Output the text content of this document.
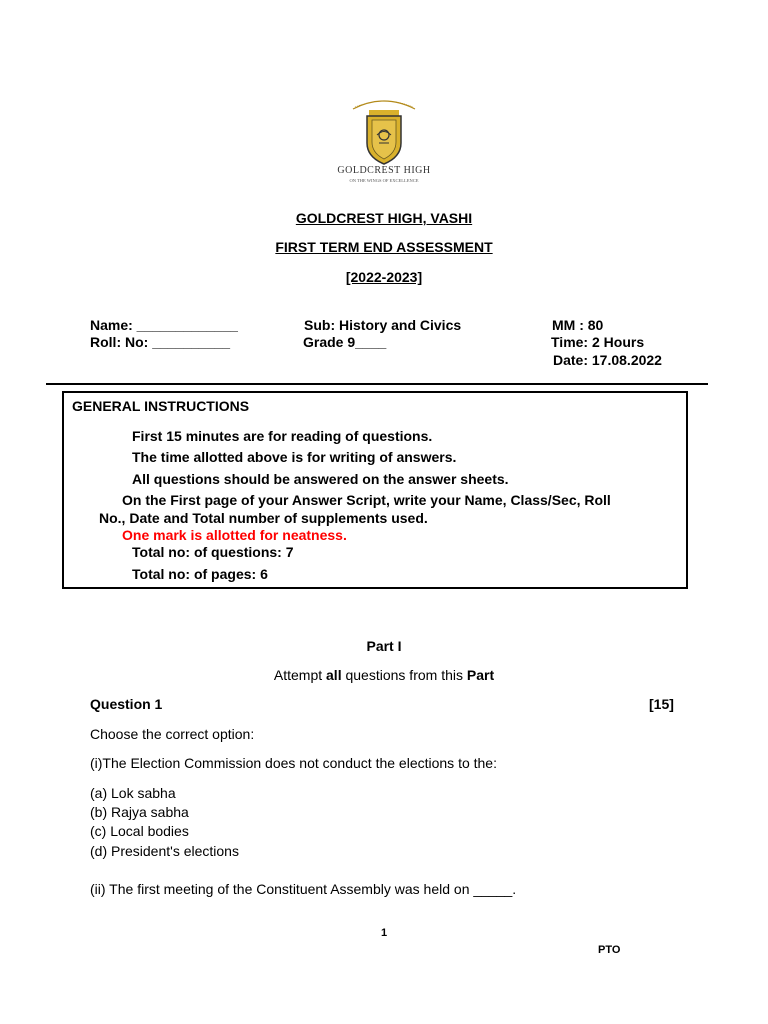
GOLDCREST HIGH
ON THE WINGS OF EXCELLENCE
GOLDCREST HIGH, VASHI
FIRST TERM END ASSESSMENT
[2022-2023]
Name: _____________
Roll: No: __________
Sub: History and Civics
Grade 9____
MM : 80
Time: 2 Hours
Date: 17.08.2022
GENERAL INSTRUCTIONS
First 15 minutes are for reading of questions.
The time allotted above is for writing of answers.
All questions should be answered on the answer sheets.
On the First page of your Answer Script, write your Name, Class/Sec, Roll
No., Date and Total number of supplements used.
One mark is allotted for neatness.
Total no: of questions: 7
Total no: of pages: 6
Part I
Attempt all questions from this Part
Question 1	[15]
Choose the correct option:
(i)The Election Commission does not conduct the elections to the:
(a) Lok sabha
(b) Rajya sabha
(c) Local bodies
(d) President's elections
(ii) The first meeting of the Constituent Assembly was held on _____.
1
PTO
